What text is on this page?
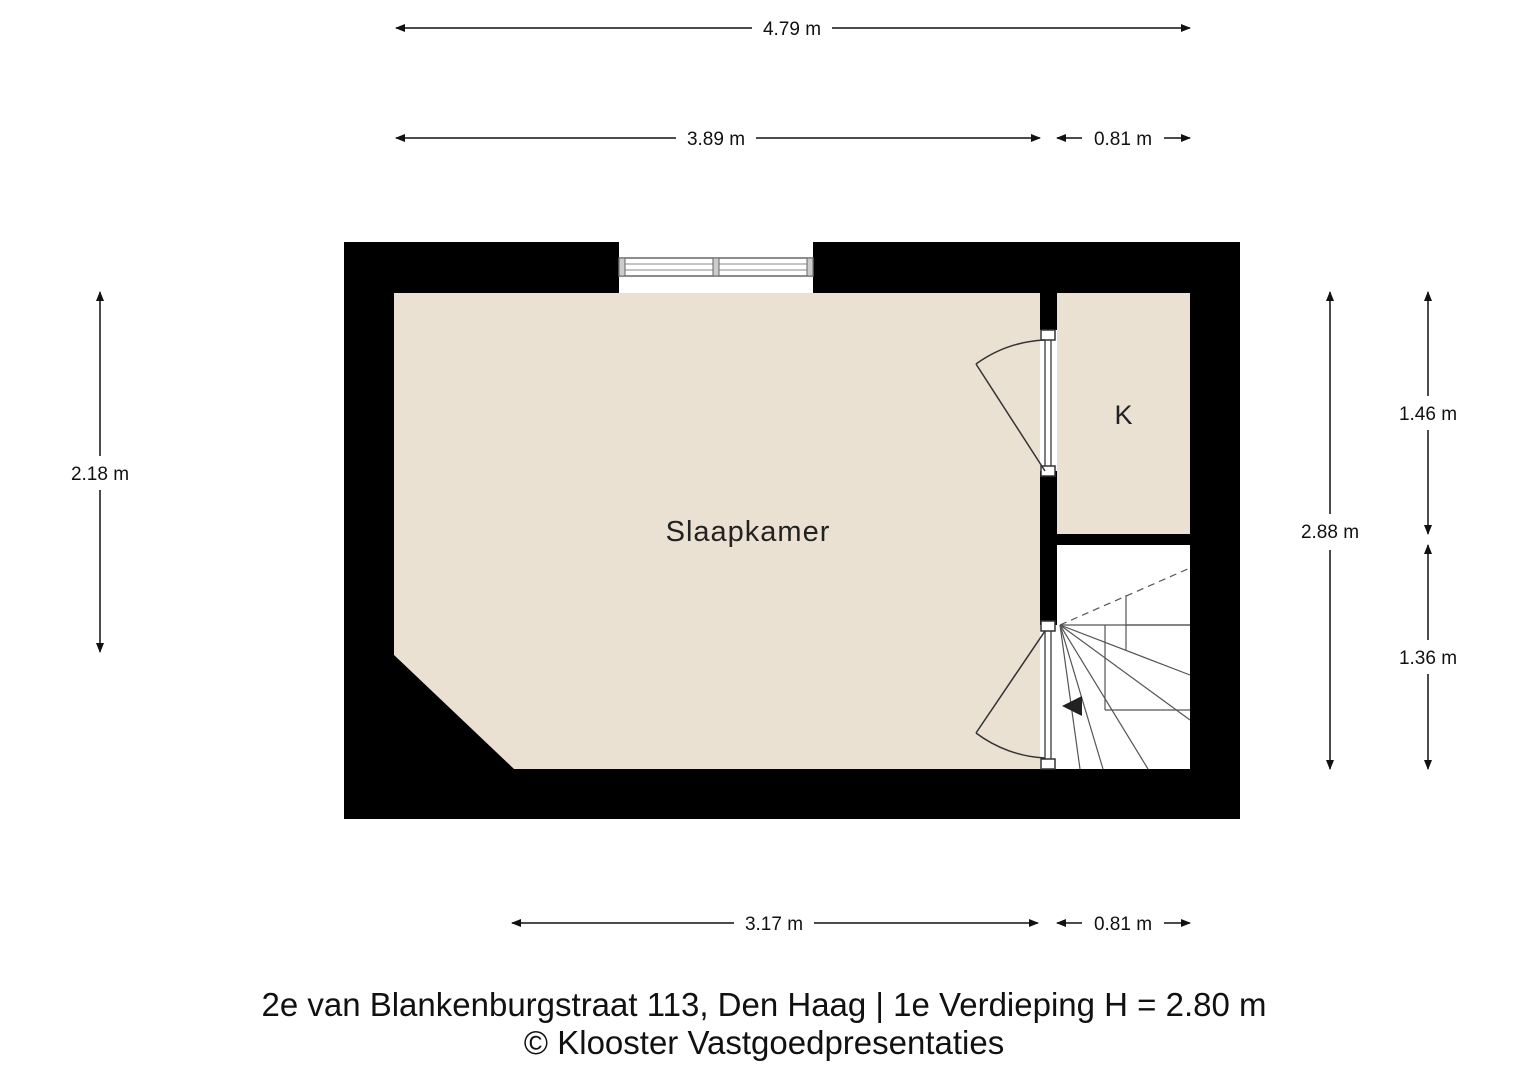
Slaapkamer
K
4.79 m
3.89 m	0.81 m
3.17 m	0.81 m
2.18 m
2.88 m
1.46 m
1.36 m
2e van Blankenburgstraat 113, Den Haag | 1e Verdieping H = 2.80 m
© Klooster Vastgoedpresentaties
